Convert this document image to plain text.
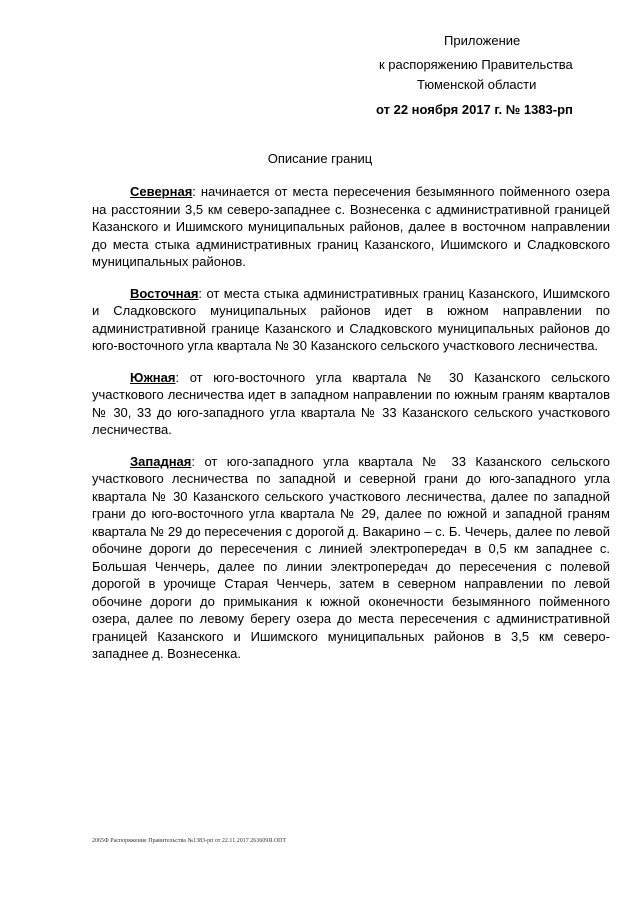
Приложение
к распоряжению Правительства
Тюменской области
от 22 ноября 2017 г. № 1383-рп
Описание границ

Северная: начинается от места пересечения безымянного пойменного озера на расстоянии 3,5 км северо-западнее с. Вознесенка с административной границей Казанского и Ишимского муниципальных районов, далее в восточном направлении до места стыка административных границ Казанского, Ишимского и Сладковского муниципальных районов.

Восточная: от места стыка административных границ Казанского, Ишимского и Сладковского муниципальных районов идет в южном направлении по административной границе Казанского и Сладковского муниципальных районов до юго-восточного угла квартала № 30 Казанского сельского участкового лесничества.

Южная: от юго-восточного угла квартала № 30 Казанского сельского участкового лесничества идет в западном направлении по южным граням кварталов № 30, 33 до юго-западного угла квартала № 33 Казанского сельского участкового лесничества.

Западная: от юго-западного угла квартала № 33 Казанского сельского участкового лесничества по западной и северной грани до юго-западного угла квартала № 30 Казанского сельского участкового лесничества, далее по западной грани до юго-восточного угла квартала № 29, далее по южной и западной граням квартала № 29 до пересечения с дорогой д. Вакарино – с. Б. Чечерь, далее по левой обочине дороги до пересечения с линией электропередач в 0,5 км западнее с. Большая Ченчерь, далее по линии электропередач до пересечения с полевой дорогой в урочище Старая Ченчерь, затем в северном направлении по левой обочине дороги до примыкания к южной оконечности безымянного пойменного озера, далее по левому берегу озера до места пересечения с административной границей Казанского и Ишимского муниципальных районов в 3,5 км северо-западнее д. Вознесенка.

2065Ф Распоряжение Правительства №1383-рп от 22.11.2017 263609Я.ODT
